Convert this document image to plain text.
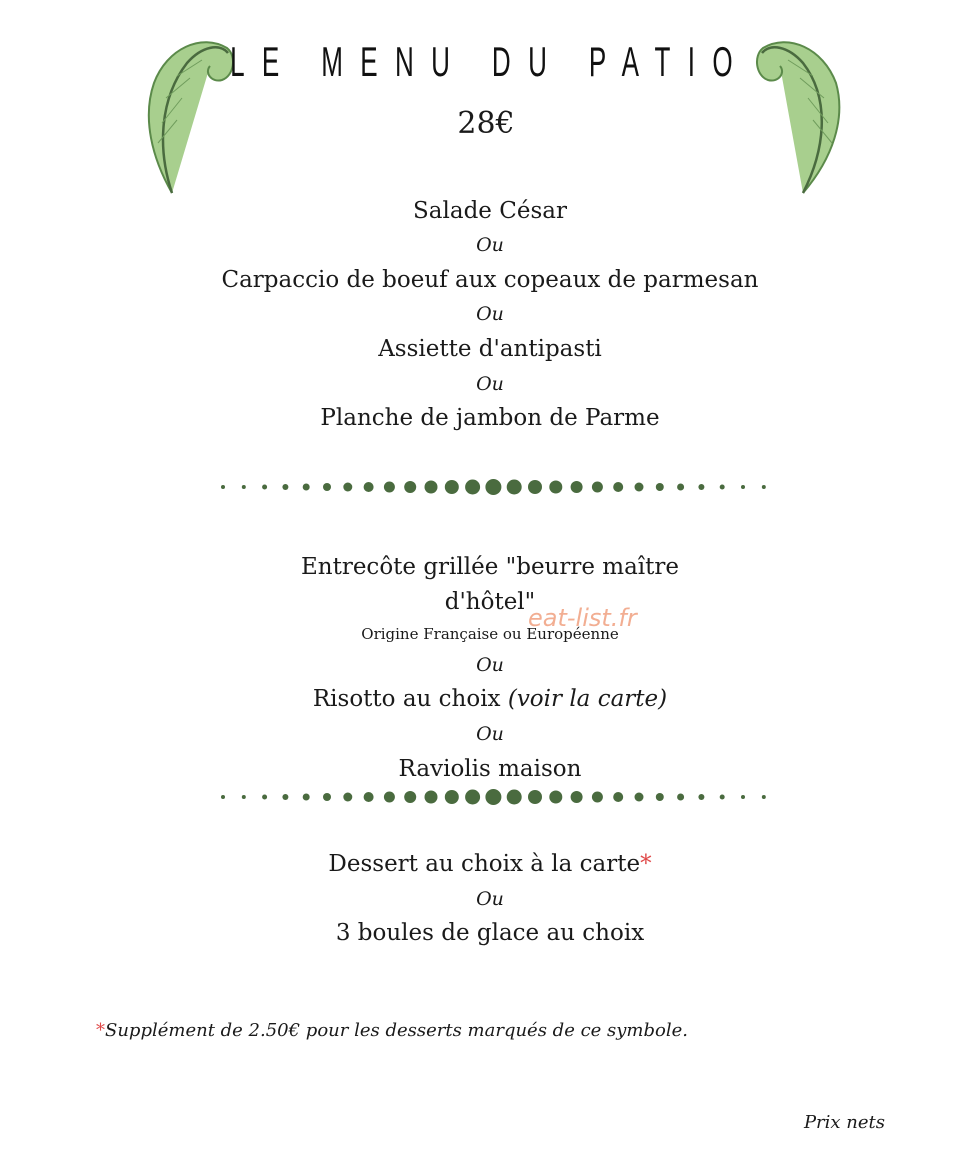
LE MENU DU PATIO
28€
Salade César
Ou
Carpaccio de boeuf aux copeaux de parmesan
Ou
Assiette d'antipasti
Ou
Planche de jambon de Parme
Entrecôte grillée "beurre maître
d'hôtel"
Origine Française ou Européenne
eat-list.fr
Ou
Risotto au choix (voir la carte)
Ou
Raviolis maison
Dessert au choix à la carte*
Ou
3 boules de glace au choix
*Supplément de 2.50€ pour les desserts marqués de ce symbole.
Prix nets
